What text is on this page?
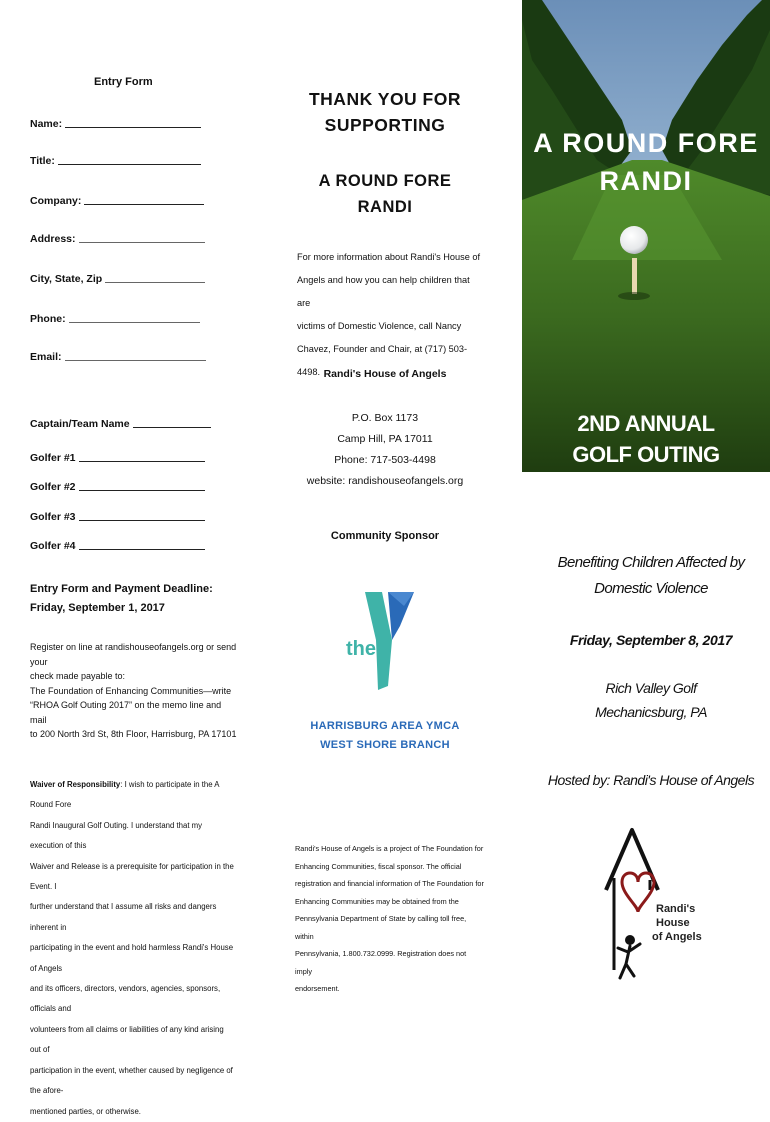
Entry Form
Name:
Title:
Company:
Address:
City, State, Zip
Phone:
Email:
Captain/Team Name
Golfer #1
Golfer #2
Golfer #3
Golfer #4
Entry Form and Payment Deadline:
Friday, September 1, 2017
Register on line at randishouseofangels.org or send your
check made payable to:
The Foundation of Enhancing Communities—write
“RHOA Golf Outing 2017” on the memo line and mail
to 200 North 3rd St, 8th Floor, Harrisburg, PA 17101
Waiver of Responsibility: I wish to participate in the A Round Fore
Randi Inaugural Golf Outing. I understand that my execution of this
Waiver and Release is a prerequisite for participation in the Event. I
further understand that I assume all risks and dangers inherent in
participating in the event and hold harmless Randi's House of Angels
and its officers, directors, vendors, agencies, sponsors, officials and
volunteers from all claims or liabilities of any kind arising out of
participation in the event, whether caused by negligence of the afore-
mentioned parties, or otherwise.
THANK YOU FOR
SUPPORTING
A ROUND FORE
RANDI
For more information about Randi's House of
Angels and how you can help children that are
victims of Domestic Violence, call Nancy
Chavez, Founder and Chair, at (717) 503-4498. Randi's House of Angels
P.O. Box 1173
Camp Hill, PA 17011
Phone: 717-503-4498
website: randishouseofangels.org
Community Sponsor
the
YMCA
HARRISBURG AREA YMCA
WEST SHORE BRANCH
Randi's House of Angels is a project of The Foundation for
Enhancing Communities, fiscal sponsor. The official
registration and financial information of The Foundation for
Enhancing Communities may be obtained from the
Pennsylvania Department of State by calling toll free, within
Pennsylvania, 1.800.732.0999. Registration does not imply
endorsement.
A ROUND FORE
RANDI
2ND ANNUAL
GOLF OUTING
Benefiting Children Affected by
Domestic Violence
Friday, September 8, 2017
Rich Valley Golf
Mechanicsburg, PA
Hosted by: Randi's House of Angels
Randi's
House
of Angels
